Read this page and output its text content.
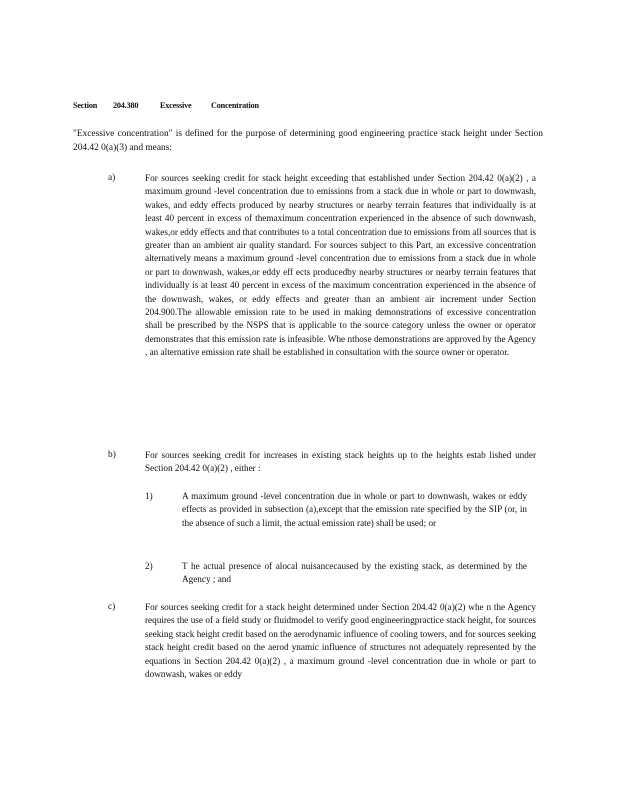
Section 204.380	Excessive Concentration
"Excessive concentration" is defined for the purpose of determining good engineering practice stack height under Section 204.42 0(a)(3) and means:
a)	For sources seeking credit for stack height exceeding that established under Section 204.42 0(a)(2) , a maximum ground -level concentration due to emissions from a stack due in whole or part to downwash, wakes, and eddy effects produced by nearby structures or nearby terrain features that individually is at least 40 percent in excess of themaximum concentration experienced in the absence of such downwash, wakes,or eddy effects and that contributes to a total concentration due to emissions from all sources that is greater than an ambient air quality standard. For sources subject to this Part, an excessive concentration alternatively means a maximum ground -level concentration due to emissions from a stack due in whole or part to downwash, wakes,or eddy eff ects producedby nearby structures or nearby terrain features that individually is at least 40 percent in excess of the maximum concentration experienced in the absence of the downwash, wakes, or eddy effects and greater than an ambient air increment under Section 204.900.The allowable emission rate to be used in making demonstrations of excessive concentration shall be prescribed by the NSPS that is applicable to the source category unless the owner or operator demonstrates that this emission rate is infeasible. Whe nthose demonstrations are approved by the Agency , an alternative emission rate shall be established in consultation with the source owner or operator.
b)	For sources seeking credit for increases in existing stack heights up to the heights estab lished under Section 204.42 0(a)(2) , either :
1)	A maximum ground -level concentration due in whole or part to downwash, wakes or eddy effects as provided in subsection (a),except that the emission rate specified by the SIP (or, in the absence of such a limit, the actual emission rate) shall be used; or
2)	T he actual presence of alocal nuisancecaused by the existing stack, as determined by the Agency ; and
c)	For sources seeking credit for a stack height determined under Section 204.42 0(a)(2) whe n the Agency requires the use of a field study or fluidmodel to verify good engineeringpractice stack height, for sources seeking stack height credit based on the aerodynamic influence of cooling towers, and for sources seeking stack height credit based on the aerod ynamic influence of structures not adequately represented by the equations in Section 204.42 0(a)(2) , a maximum ground -level concentration due in whole or part to downwash, wakes or eddy
